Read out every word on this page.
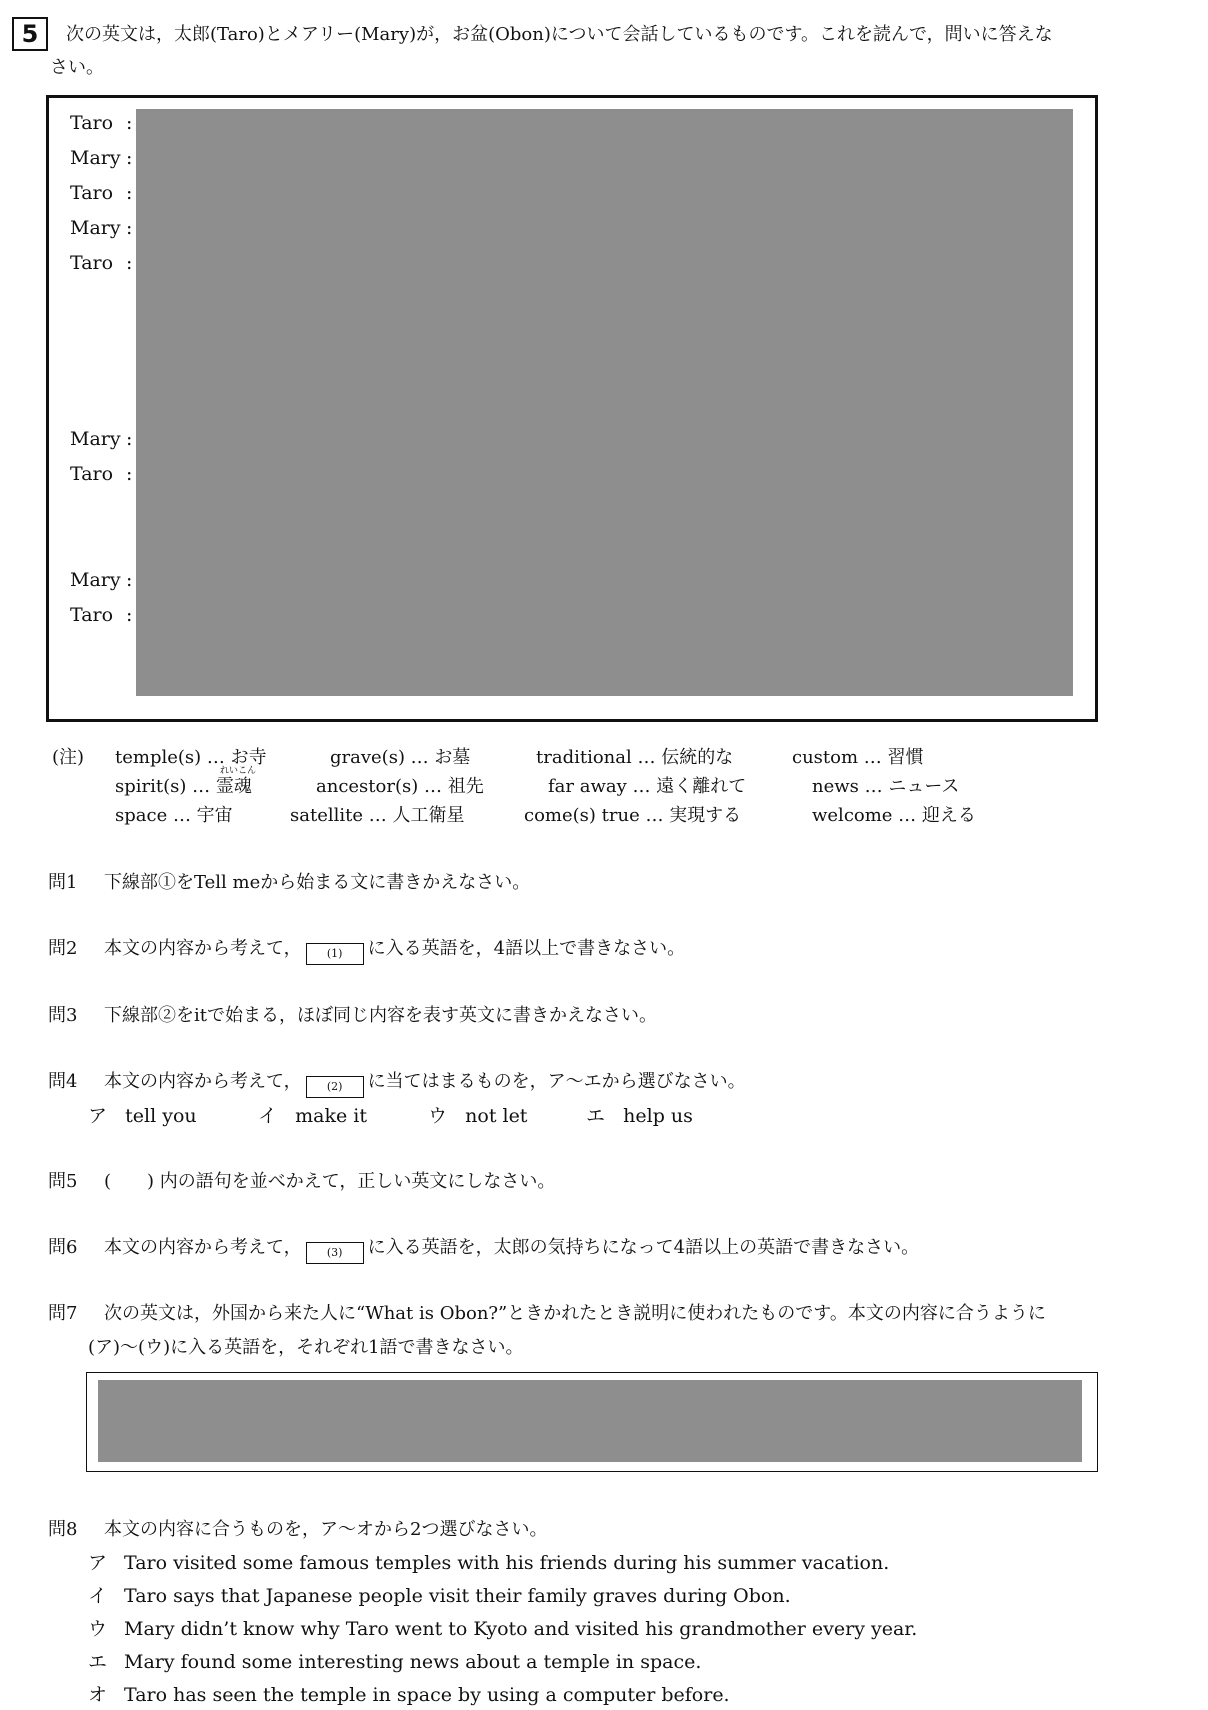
5	次の英文は，太郎(Taro)とメアリー(Mary)が，お盆(Obon)について会話しているものです。これを読んで，問いに答えな
さい。
Taro :
Mary :
Taro :
Mary :
Taro :
Mary :
Taro :
Mary :
Taro :
(注) temple(s) … お寺	grave(s) … お墓	traditional … 伝統的な	custom … 習慣
れいこん
spirit(s) … 霊魂	ancestor(s) … 祖先	far away … 遠く離れて	news … ニュース
space … 宇宙	satellite … 人工衛星	come(s) true … 実現する	welcome … 迎える
問1 下線部①をTell meから始まる文に書きかえなさい。
問2 本文の内容から考えて， (1) に入る英語を，4語以上で書きなさい。
問3 下線部②をitで始まる，ほぼ同じ内容を表す英文に書きかえなさい。
問4 本文の内容から考えて， (2) に当てはまるものを，ア〜エから選びなさい。
ア tell you	イ make it	ウ not let	エ help us
問5 (　　) 内の語句を並べかえて，正しい英文にしなさい。
問6 本文の内容から考えて， (3) に入る英語を，太郎の気持ちになって4語以上の英語で書きなさい。
問7 次の英文は，外国から来た人に“What is Obon?”ときかれたとき説明に使われたものです。本文の内容に合うように
(ア)〜(ウ)に入る英語を，それぞれ1語で書きなさい。
問8 本文の内容に合うものを，ア〜オから2つ選びなさい。
ア Taro visited some famous temples with his friends during his summer vacation.
イ Taro says that Japanese people visit their family graves during Obon.
ウ Mary didn’t know why Taro went to Kyoto and visited his grandmother every year.
エ Mary found some interesting news about a temple in space.
オ Taro has seen the temple in space by using a computer before.
